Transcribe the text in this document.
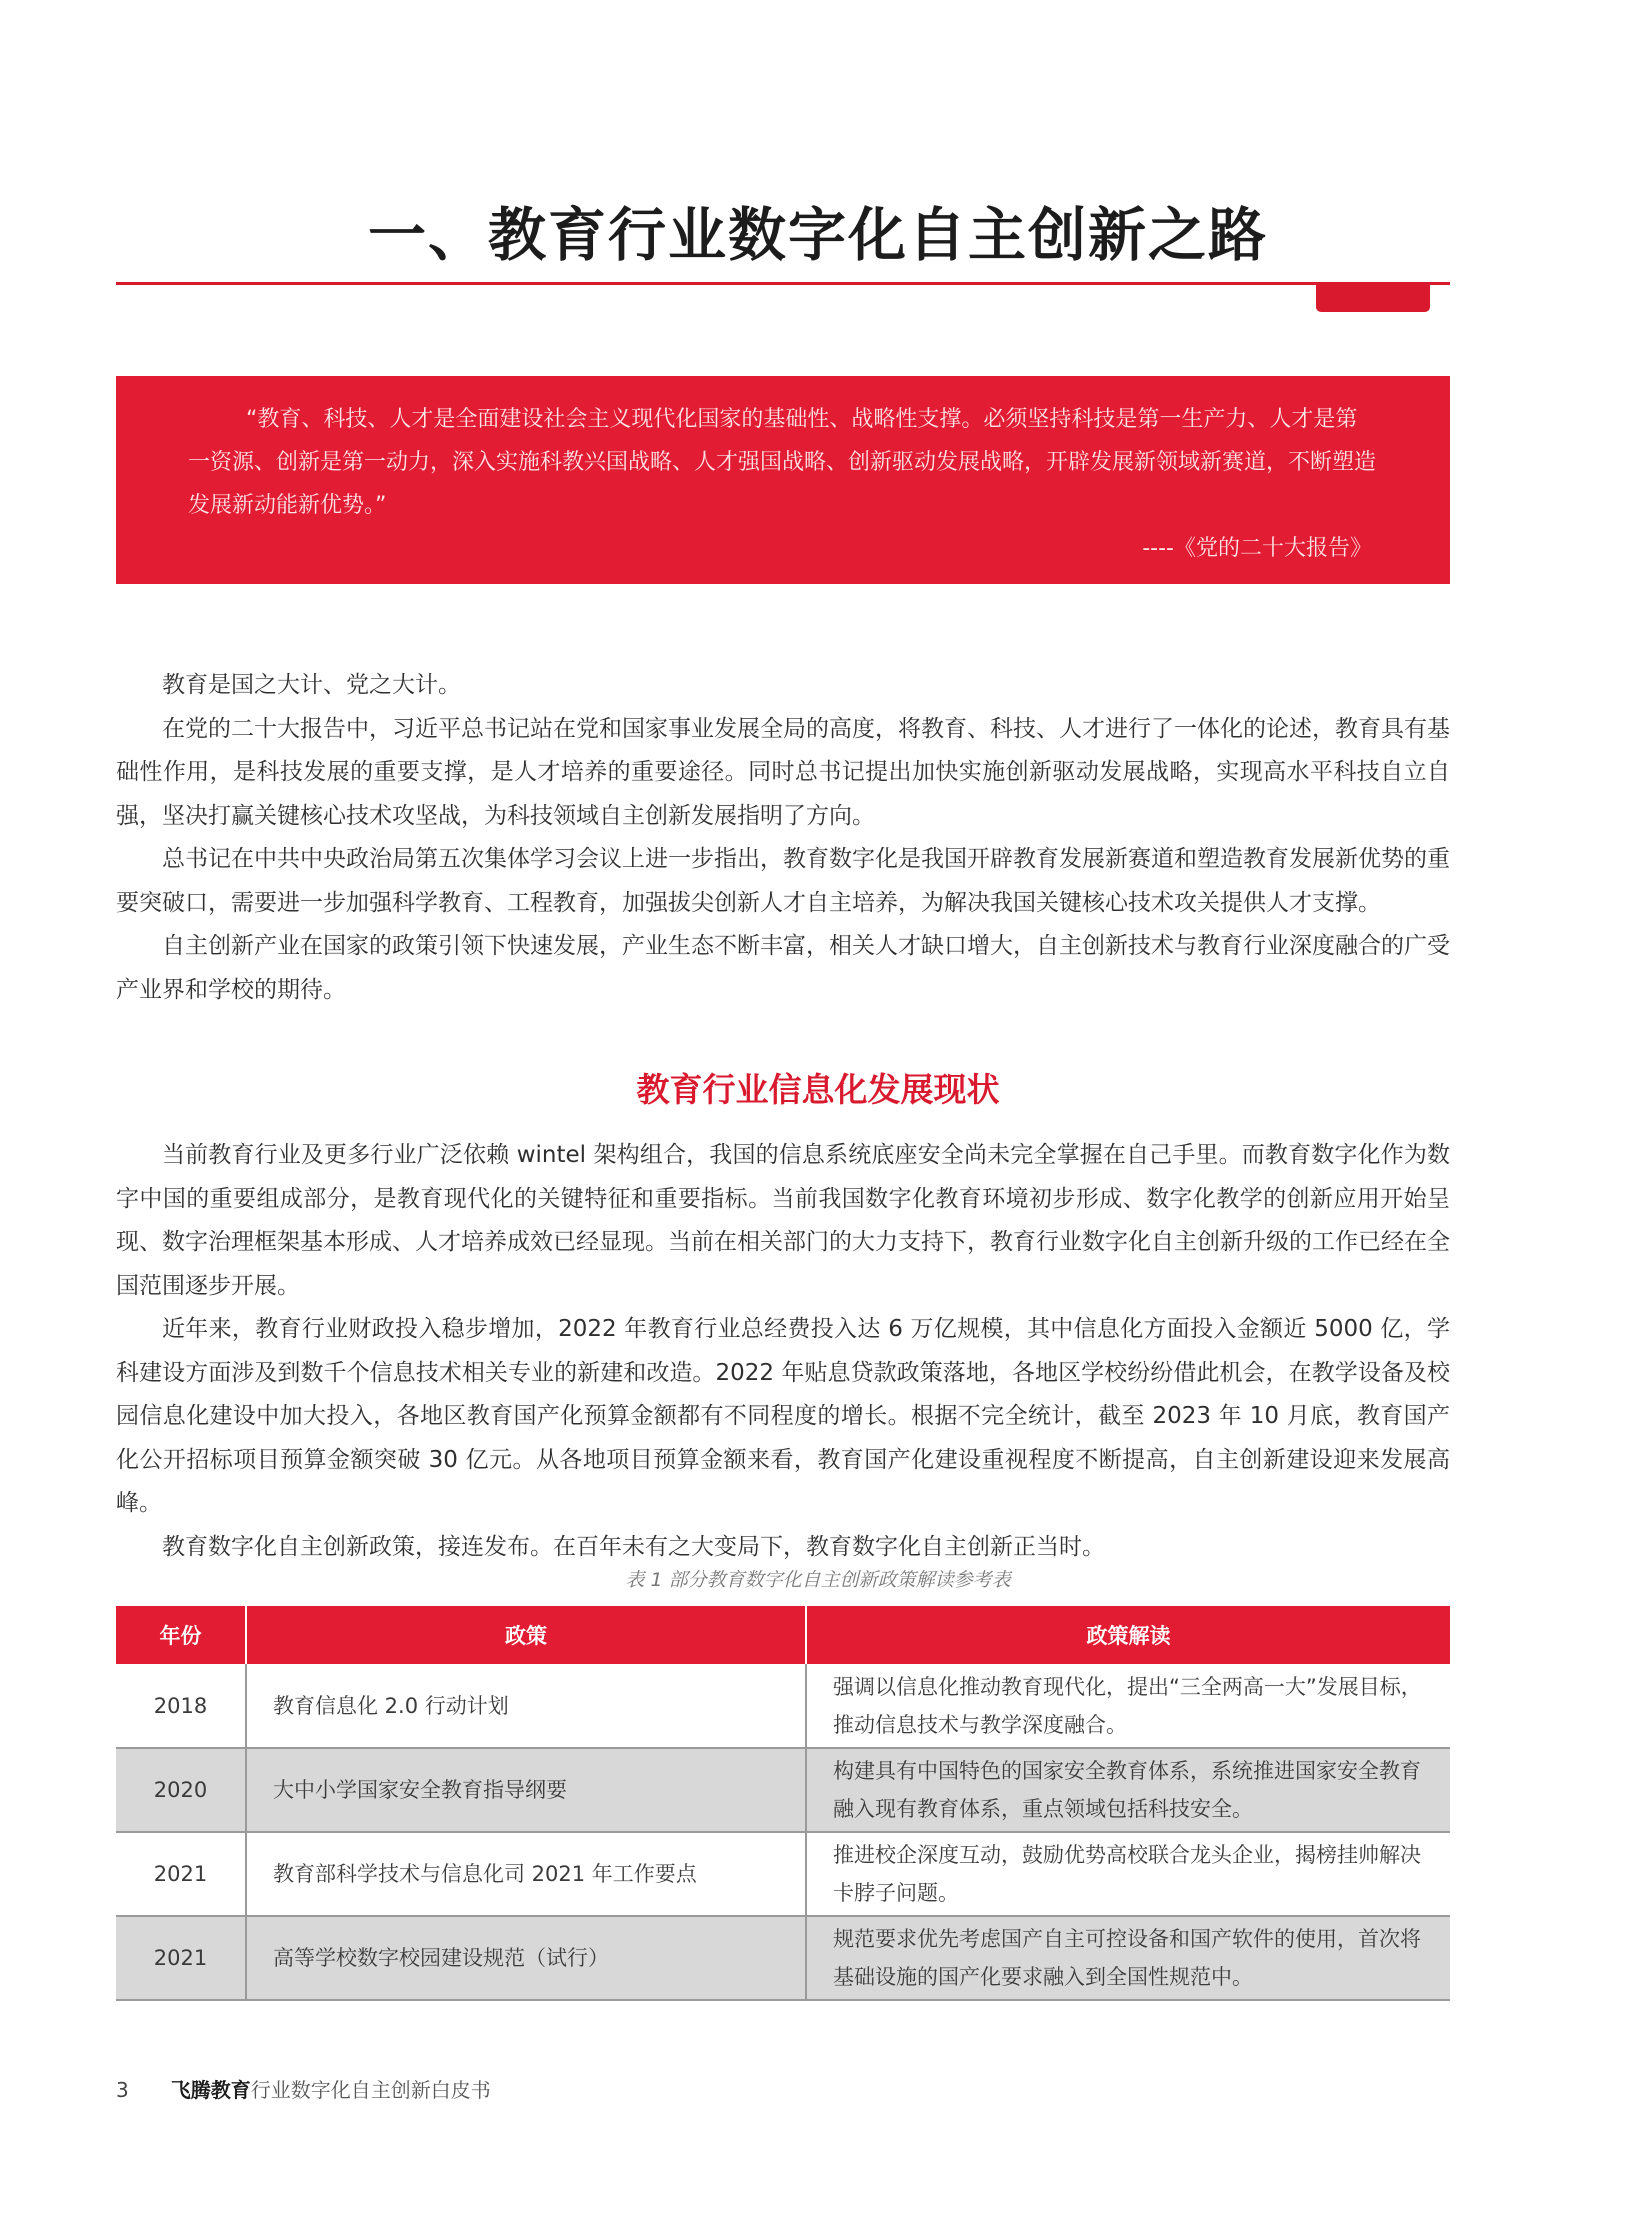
一、教育行业数字化自主创新之路

“教育、科技、人才是全面建设社会主义现代化国家的基础性、战略性支撑。必须坚持科技是第一生产力、人才是第一资源、创新是第一动力，深入实施科教兴国战略、人才强国战略、创新驱动发展战略，开辟发展新领域新赛道，不断塑造发展新动能新优势。”

----《党的二十大报告》

教育是国之大计、党之大计。

在党的二十大报告中，习近平总书记站在党和国家事业发展全局的高度，将教育、科技、人才进行了一体化的论述，教育具有基础性作用，是科技发展的重要支撑，是人才培养的重要途径。同时总书记提出加快实施创新驱动发展战略，实现高水平科技自立自强，坚决打赢关键核心技术攻坚战，为科技领域自主创新发展指明了方向。

总书记在中共中央政治局第五次集体学习会议上进一步指出，教育数字化是我国开辟教育发展新赛道和塑造教育发展新优势的重要突破口，需要进一步加强科学教育、工程教育，加强拔尖创新人才自主培养，为解决我国关键核心技术攻关提供人才支撑。

自主创新产业在国家的政策引领下快速发展，产业生态不断丰富，相关人才缺口增大，自主创新技术与教育行业深度融合的广受产业界和学校的期待。

教育行业信息化发展现状

当前教育行业及更多行业广泛依赖 wintel 架构组合，我国的信息系统底座安全尚未完全掌握在自己手里。而教育数字化作为数字中国的重要组成部分，是教育现代化的关键特征和重要指标。当前我国数字化教育环境初步形成、数字化教学的创新应用开始呈现、数字治理框架基本形成、人才培养成效已经显现。当前在相关部门的大力支持下，教育行业数字化自主创新升级的工作已经在全国范围逐步开展。

近年来，教育行业财政投入稳步增加，2022 年教育行业总经费投入达 6 万亿规模，其中信息化方面投入金额近 5000 亿，学科建设方面涉及到数千个信息技术相关专业的新建和改造。2022 年贴息贷款政策落地，各地区学校纷纷借此机会，在教学设备及校园信息化建设中加大投入，各地区教育国产化预算金额都有不同程度的增长。根据不完全统计，截至 2023 年 10 月底，教育国产化公开招标项目预算金额突破 30 亿元。从各地项目预算金额来看，教育国产化建设重视程度不断提高，自主创新建设迎来发展高峰。

教育数字化自主创新政策，接连发布。在百年未有之大变局下，教育数字化自主创新正当时。

表 1 部分教育数字化自主创新政策解读参考表
年份	政策	政策解读
2018	教育信息化 2.0 行动计划	强调以信息化推动教育现代化，提出“三全两高一大”发展目标，推动信息技术与教学深度融合。
2020	大中小学国家安全教育指导纲要	构建具有中国特色的国家安全教育体系，系统推进国家安全教育融入现有教育体系，重点领域包括科技安全。
2021	教育部科学技术与信息化司 2021 年工作要点	推进校企深度互动，鼓励优势高校联合龙头企业，揭榜挂帅解决卡脖子问题。
2021	高等学校数字校园建设规范（试行）	规范要求优先考虑国产自主可控设备和国产软件的使用，首次将基础设施的国产化要求融入到全国性规范中。
3 飞腾教育行业数字化自主创新白皮书
